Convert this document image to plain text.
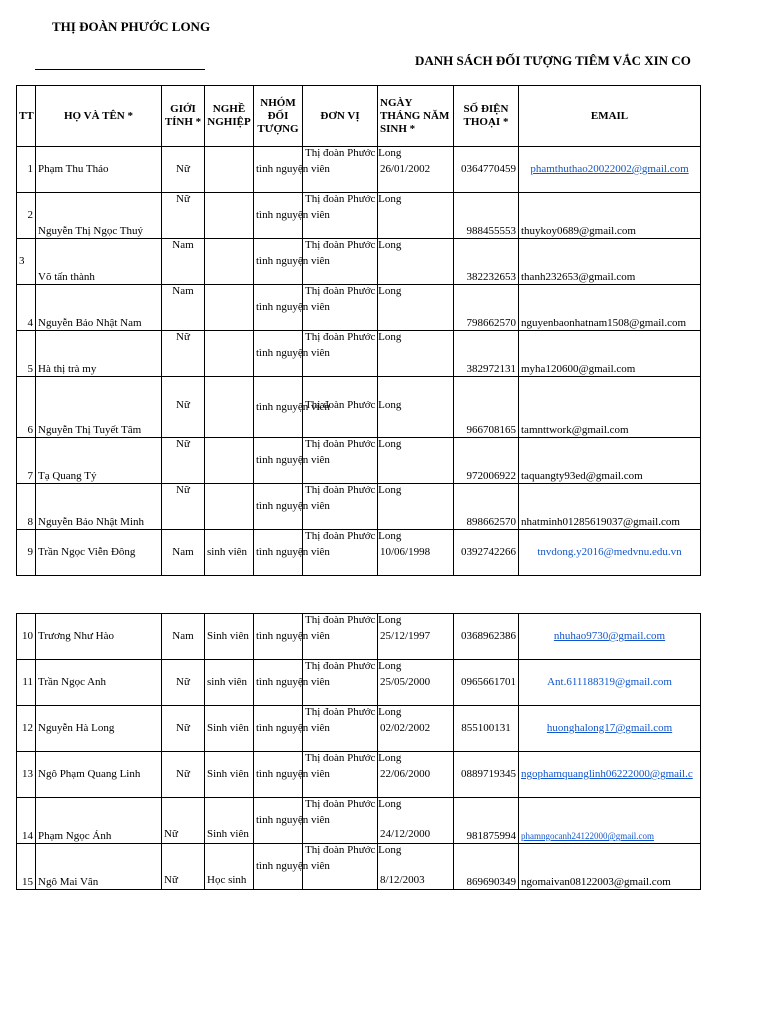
THỊ ĐOÀN PHƯỚC LONG
DANH SÁCH ĐỐI TƯỢNG TIÊM VẮC XIN CO
TT	HỌ VÀ TÊN *	GIỚI TÍNH *	NGHỀ NGHIỆP	NHÓM ĐỐI TƯỢNG	ĐƠN VỊ	NGÀY THÁNG NĂM SINH *	SỐ ĐIỆN THOẠI *	EMAIL
1	Phạm Thu Thảo	Nữ		tình nguyện viên	Thị đoàn Phước Long	26/01/2002	0364770459	phamthuthao20022002@gmail.com
2	Nguyễn Thị Ngọc Thuý	Nữ		tình nguyện viên	Thị đoàn Phước Long		988455553	thuykoy0689@gmail.com
3	Võ tấn thành	Nam		tình nguyện viên	Thị đoàn Phước Long		382232653	thanh232653@gmail.com
4	Nguyễn Bảo Nhật Nam	Nam		tình nguyện viên	Thị đoàn Phước Long		798662570	nguyenbaonhatnam1508@gmail.com
5	Hà thị trà my	Nữ		tình nguyện viên	Thị đoàn Phước Long		382972131	myha120600@gmail.com
6	Nguyễn Thị Tuyết Tâm	Nữ		tình nguyện viên	Thị đoàn Phước Long		966708165	tamnttwork@gmail.com
7	Tạ Quang Tý	Nữ		tình nguyện viên	Thị đoàn Phước Long		972006922	taquangty93ed@gmail.com
8	Nguyễn Bảo Nhật Minh	Nữ		tình nguyện viên	Thị đoàn Phước Long		898662570	nhatminh01285619037@gmail.com
9	Trần Ngọc Viễn Đông	Nam	sinh viên	tình nguyện viên	Thị đoàn Phước Long	10/06/1998	0392742266	tnvdong.y2016@medvnu.edu.vn
10	Trương Như Hào	Nam	Sinh viên	tình nguyện viên	Thị đoàn Phước Long	25/12/1997	0368962386	nhuhao9730@gmail.com
11	Trần Ngọc Anh	Nữ	sinh viên	tình nguyện viên	Thị đoàn Phước Long	25/05/2000	0965661701	Ant.611188319@gmail.com
12	Nguyễn Hà Long	Nữ	Sinh viên	tình nguyện viên	Thị đoàn Phước Long	02/02/2002	855100131	huonghalong17@gmail.com
13	Ngô Phạm Quang Linh	Nữ	Sinh viên	tình nguyện viên	Thị đoàn Phước Long	22/06/2000	0889719345	ngophamquanglinh06222000@gmail.c
14	Phạm Ngọc Ánh	Nữ	Sinh viên	tình nguyện viên	Thị đoàn Phước Long	24/12/2000	981875994	phamngocanh24122000@gmail.com
15	Ngô Mai Vân	Nữ	Học sinh	tình nguyện viên	Thị đoàn Phước Long	8/12/2003	869690349	ngomaivan08122003@gmail.com
